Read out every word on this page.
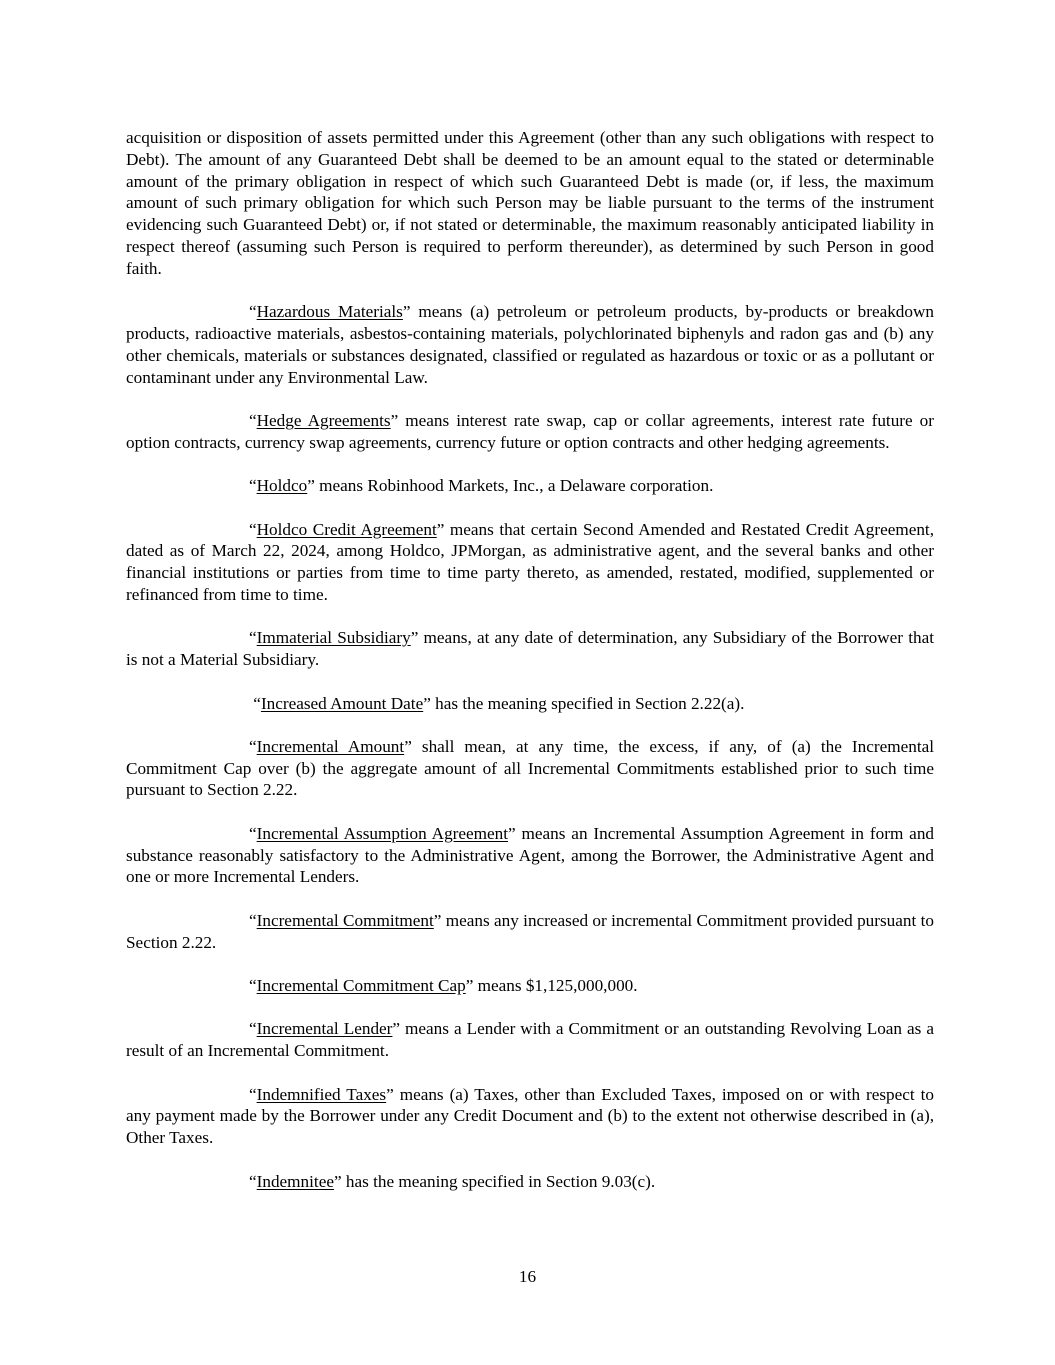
acquisition or disposition of assets permitted under this Agreement (other than any such obligations with respect to Debt). The amount of any Guaranteed Debt shall be deemed to be an amount equal to the stated or determinable amount of the primary obligation in respect of which such Guaranteed Debt is made (or, if less, the maximum amount of such primary obligation for which such Person may be liable pursuant to the terms of the instrument evidencing such Guaranteed Debt) or, if not stated or determinable, the maximum reasonably anticipated liability in respect thereof (assuming such Person is required to perform thereunder), as determined by such Person in good faith.

“Hazardous Materials” means (a) petroleum or petroleum products, by-products or breakdown products, radioactive materials, asbestos-containing materials, polychlorinated biphenyls and radon gas and (b) any other chemicals, materials or substances designated, classified or regulated as hazardous or toxic or as a pollutant or contaminant under any Environmental Law.

“Hedge Agreements” means interest rate swap, cap or collar agreements, interest rate future or option contracts, currency swap agreements, currency future or option contracts and other hedging agreements.

“Holdco” means Robinhood Markets, Inc., a Delaware corporation.

“Holdco Credit Agreement” means that certain Second Amended and Restated Credit Agreement, dated as of March 22, 2024, among Holdco, JPMorgan, as administrative agent, and the several banks and other financial institutions or parties from time to time party thereto, as amended, restated, modified, supplemented or refinanced from time to time.

“Immaterial Subsidiary” means, at any date of determination, any Subsidiary of the Borrower that is not a Material Subsidiary.

“Increased Amount Date” has the meaning specified in Section 2.22(a).

“Incremental Amount” shall mean, at any time, the excess, if any, of (a) the Incremental Commitment Cap over (b) the aggregate amount of all Incremental Commitments established prior to such time pursuant to Section 2.22.

“Incremental Assumption Agreement” means an Incremental Assumption Agreement in form and substance reasonably satisfactory to the Administrative Agent, among the Borrower, the Administrative Agent and one or more Incremental Lenders.

“Incremental Commitment” means any increased or incremental Commitment provided pursuant to Section 2.22.

“Incremental Commitment Cap” means $1,125,000,000.

“Incremental Lender” means a Lender with a Commitment or an outstanding Revolving Loan as a result of an Incremental Commitment.

“Indemnified Taxes” means (a) Taxes, other than Excluded Taxes, imposed on or with respect to any payment made by the Borrower under any Credit Document and (b) to the extent not otherwise described in (a), Other Taxes.

“Indemnitee” has the meaning specified in Section 9.03(c).

16
